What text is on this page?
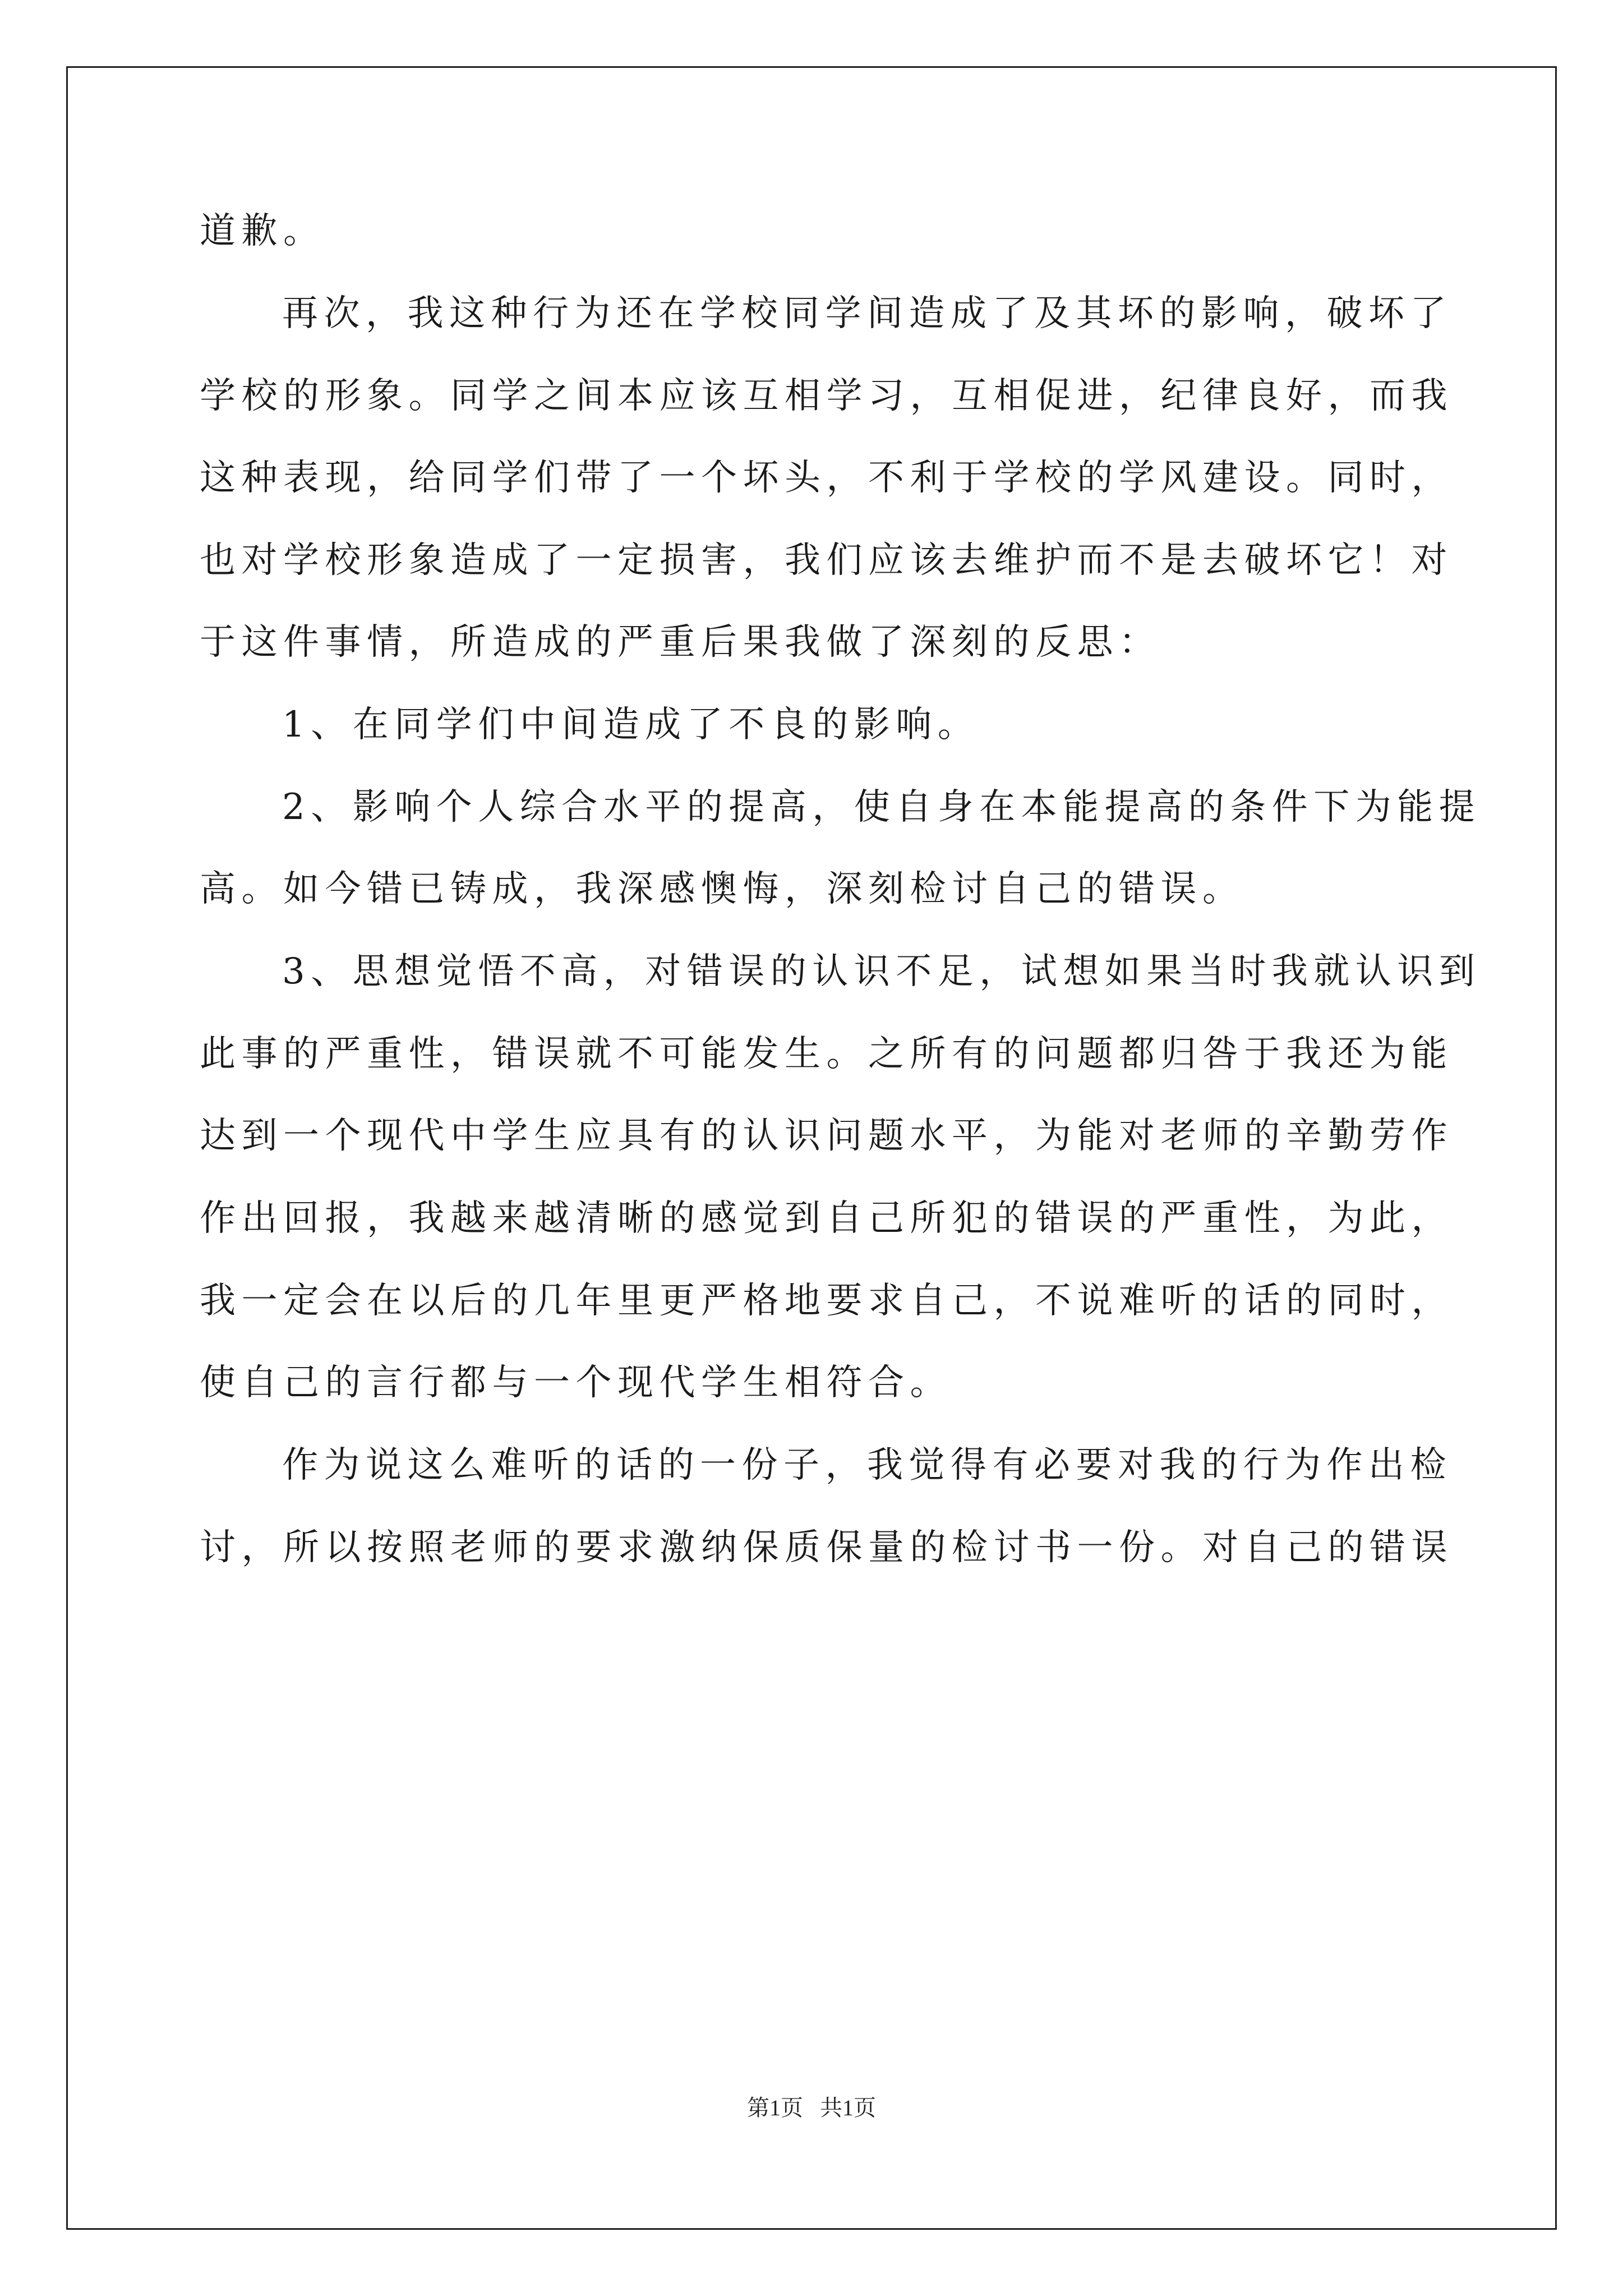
道歉。
再次，我这种行为还在学校同学间造成了及其坏的影响，破坏了
学校的形象。同学之间本应该互相学习，互相促进，纪律良好，而我
这种表现，给同学们带了一个坏头，不利于学校的学风建设。同时，
也对学校形象造成了一定损害，我们应该去维护而不是去破坏它！对
于这件事情，所造成的严重后果我做了深刻的反思：
1、在同学们中间造成了不良的影响。
2、影响个人综合水平的提高，使自身在本能提高的条件下为能提
高。如今错已铸成，我深感懊悔，深刻检讨自己的错误。
3、思想觉悟不高，对错误的认识不足，试想如果当时我就认识到
此事的严重性，错误就不可能发生。之所有的问题都归咎于我还为能
达到一个现代中学生应具有的认识问题水平，为能对老师的辛勤劳作
作出回报，我越来越清晰的感觉到自己所犯的错误的严重性，为此，
我一定会在以后的几年里更严格地要求自己，不说难听的话的同时，
使自己的言行都与一个现代学生相符合。
作为说这么难听的话的一份子，我觉得有必要对我的行为作出检
讨，所以按照老师的要求激纳保质保量的检讨书一份。对自己的错误
第1页 共1页
